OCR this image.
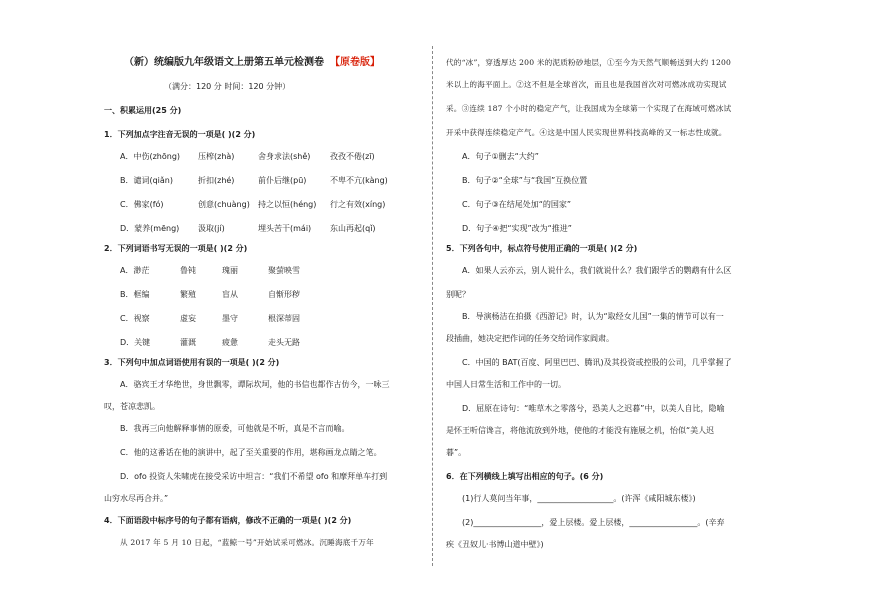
（新）统编版九年级语文上册第五单元检测卷 【原卷版】
（满分：120 分 时间：120 分钟）
一、积累运用(25 分)
1．下列加点字注音无误的一项是( )(2 分)
A．中伤(zhōng) 压榨(zhà)	舍身求法(shě) 孜孜不倦(zī)
B．谴词(qiǎn)	折扣(zhé)	前仆后继(pū)	不卑不亢(kàng)
C．佛家(fó)	创意(chuàng) 持之以恒(héng) 行之有效(xíng)
D．蒙养(mēng) 汲取(jí)	埋头苦干(mái) 东山再起(qǐ)
2．下列词语书写无误的一项是( )(2 分)
A．渺茫	鲁钝	瑰丽	聚萤映雪
B．框编	繁殖	盲从	自惭形秽
C．视察	虚妄	墨守	根深蒂固
D．关键	灌溉	疲惫	走头无路
3．下列句中加点词语使用有误的一项是( )(2 分)
A．骆宾王才华绝世，身世飘零，谭际坎坷，他的书信也都作古仿今，一咏三
叹，苍凉悲凯。
B．我再三向他解释事情的原委，可他就是不听，真是不言而喻。
C．他的这番话在他的演讲中，起了至关重要的作用，堪称画龙点睛之笔。
D．ofo 投资人朱啸虎在接受采访中坦言：“我们不希望 ofo 和摩拜单车打到
山穷水尽再合并。”
4．下面语段中标序号的句子都有语病，修改不正确的一项是( )(2 分)
从 2017 年 5 月 10 日起，“蓝鲸一号”开始试采可燃冰。沉睡海底千万年
代的“冰”，穿透厚达 200 米的泥质粉砂地层，①至今为天然气顺畅送到大约 1200
米以上的海平面上。②这不但是全球首次，而且也是我国首次对可燃冰成功实现试
采。③连续 187 个小时的稳定产气，让我国成为全球第一个实现了在海域可燃冰试
开采中获得连续稳定产气。④这是中国人民实现世界科技高峰的又一标志性成就。
A．句子①删去“大约”
B．句子②“全球”与“我国”互换位置
C．句子③在结尾处加“的国家”
D．句子④把“实现”改为“推进”
5．下列各句中，标点符号使用正确的一项是( )(2 分)
A．如果人云亦云，别人说什么，我们就说什么？我们跟学舌的鹦鹉有什么区
别呢？
B．导演杨洁在拍摄《西游记》时，认为“取经女儿国”一集的情节可以有一
段插曲，她决定把作词的任务交给词作家阎肃。
C．中国的 BAT(百度、阿里巴巴、腾讯)及其投资或控股的公司，几乎掌握了
中国人日常生活和工作中的一切。
D．屈原在诗句：“唯草木之零落兮，恐美人之迟暮”中，以美人自比，隐喻
是怀王听信谗言，将他流放到外地，使他的才能没有施展之机，怡似“美人迟
暮”。
6．在下列横线上填写出相应的句子。(6 分)
(1)行人莫问当年事，___________________。(许浑《咸阳城东楼》)
(2)_________________，爱上层楼。爱上层楼，_________________。(辛弃
疾《丑奴儿·书博山道中壁》)
